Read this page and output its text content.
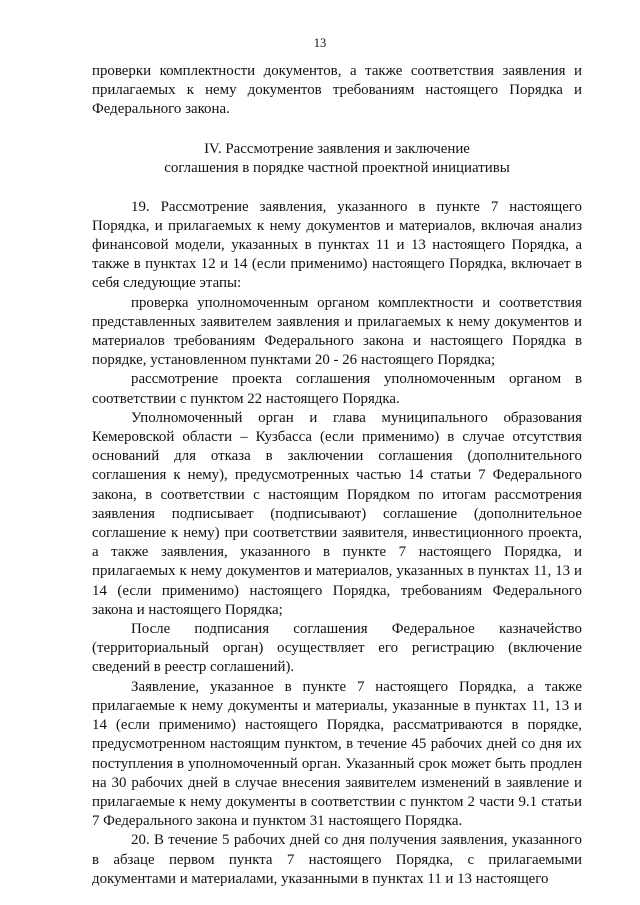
13

проверки комплектности документов, а также соответствия заявления и прилагаемых к нему документов требованиям настоящего Порядка и Федерального закона.

IV. Рассмотрение заявления и заключение
соглашения в порядке частной проектной инициативы

19. Рассмотрение заявления, указанного в пункте 7 настоящего Порядка, и прилагаемых к нему документов и материалов, включая анализ финансовой модели, указанных в пунктах 11 и 13 настоящего Порядка, а также в пунктах 12 и 14 (если применимо) настоящего Порядка, включает в себя следующие этапы:

проверка уполномоченным органом комплектности и соответствия представленных заявителем заявления и прилагаемых к нему документов и материалов требованиям Федерального закона и настоящего Порядка в порядке, установленном пунктами 20 - 26 настоящего Порядка;

рассмотрение проекта соглашения уполномоченным органом в соответствии с пунктом 22 настоящего Порядка.

Уполномоченный орган и глава муниципального образования Кемеровской области – Кузбасса (если применимо) в случае отсутствия оснований для отказа в заключении соглашения (дополнительного соглашения к нему), предусмотренных частью 14 статьи 7 Федерального закона, в соответствии с настоящим Порядком по итогам рассмотрения заявления подписывает (подписывают) соглашение (дополнительное соглашение к нему) при соответствии заявителя, инвестиционного проекта, а также заявления, указанного в пункте 7 настоящего Порядка, и прилагаемых к нему документов и материалов, указанных в пунктах 11, 13 и 14 (если применимо) настоящего Порядка, требованиям Федерального закона и настоящего Порядка;

После подписания соглашения Федеральное казначейство (территориальный орган) осуществляет его регистрацию (включение сведений в реестр соглашений).

Заявление, указанное в пункте 7 настоящего Порядка, а также прилагаемые к нему документы и материалы, указанные в пунктах 11, 13 и 14 (если применимо) настоящего Порядка, рассматриваются в порядке, предусмотренном настоящим пунктом, в течение 45 рабочих дней со дня их поступления в уполномоченный орган. Указанный срок может быть продлен на 30 рабочих дней в случае внесения заявителем изменений в заявление и прилагаемые к нему документы в соответствии с пунктом 2 части 9.1 статьи 7 Федерального закона и пунктом 31 настоящего Порядка.

20. В течение 5 рабочих дней со дня получения заявления, указанного в абзаце первом пункта 7 настоящего Порядка, с прилагаемыми документами и материалами, указанными в пунктах 11 и 13 настоящего
